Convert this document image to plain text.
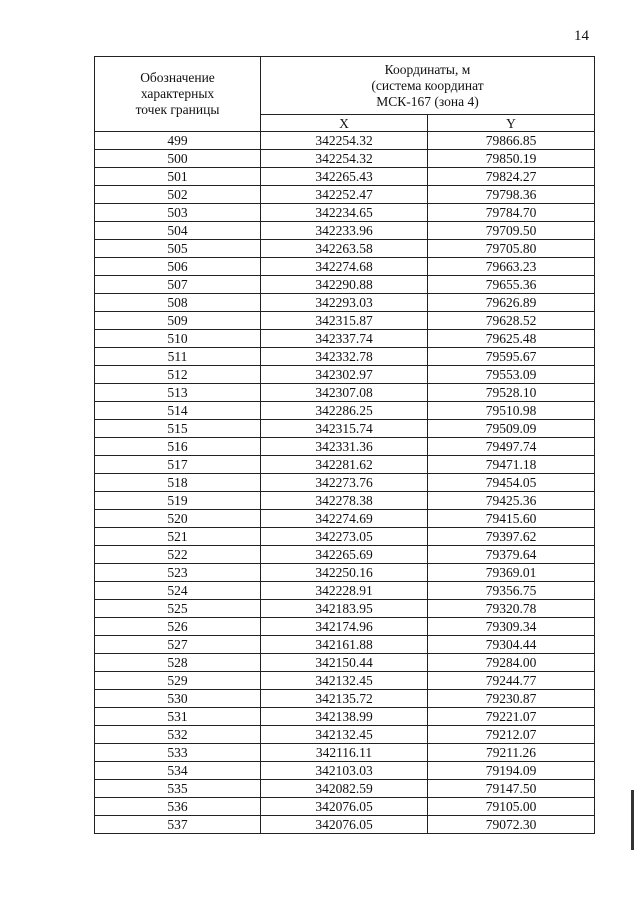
14
Обозначение
характерных
точек границы	Координаты, м
(система координат
МСК-167 (зона 4)	

	X	Y
499	342254.32	79866.85
500	342254.32	79850.19
501	342265.43	79824.27
502	342252.47	79798.36
503	342234.65	79784.70
504	342233.96	79709.50
505	342263.58	79705.80
506	342274.68	79663.23
507	342290.88	79655.36
508	342293.03	79626.89
509	342315.87	79628.52
510	342337.74	79625.48
511	342332.78	79595.67
512	342302.97	79553.09
513	342307.08	79528.10
514	342286.25	79510.98
515	342315.74	79509.09
516	342331.36	79497.74
517	342281.62	79471.18
518	342273.76	79454.05
519	342278.38	79425.36
520	342274.69	79415.60
521	342273.05	79397.62
522	342265.69	79379.64
523	342250.16	79369.01
524	342228.91	79356.75
525	342183.95	79320.78
526	342174.96	79309.34
527	342161.88	79304.44
528	342150.44	79284.00
529	342132.45	79244.77
530	342135.72	79230.87
531	342138.99	79221.07
532	342132.45	79212.07
533	342116.11	79211.26
534	342103.03	79194.09
535	342082.59	79147.50
536	342076.05	79105.00
537	342076.05	79072.30
